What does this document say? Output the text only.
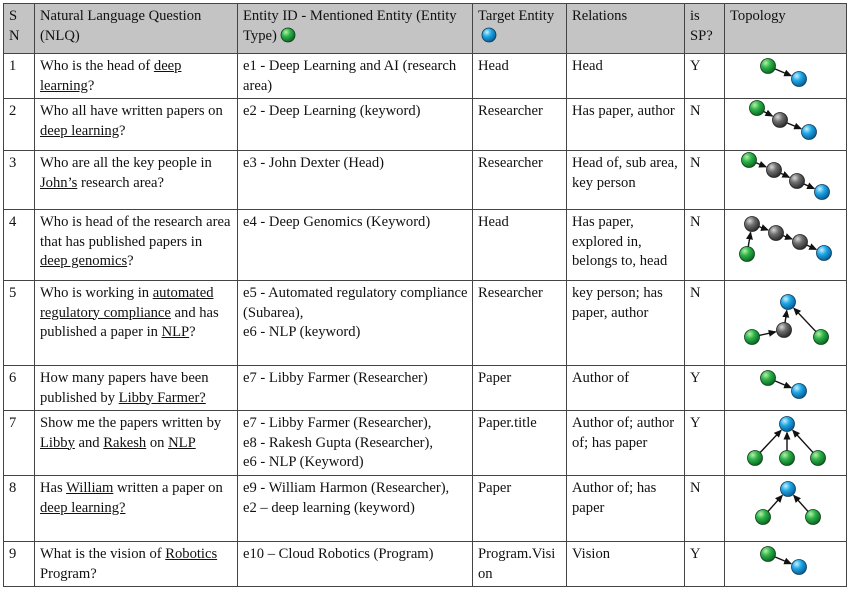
S N	Natural Language Question (NLQ)	Entity ID - Mentioned Entity (Entity Type)	Target Entity	Relations	is SP?	Topology
1	Who is the head of deep learning?	e1 - Deep Learning and AI (research area)	Head	Head	Y	

2	Who all have written papers on deep learning?	e2 - Deep Learning (keyword)	Researcher	Has paper, author	N	

3	Who are all the key people in John’s research area?	e3 - John Dexter (Head)	Researcher	Head of, sub area, key person	N	

4	Who is head of the research area that has published papers in deep genomics?	e4 - Deep Genomics (Keyword)	Head	Has paper, explored in, belongs to, head	N	

5	Who is working in automated regulatory compliance and has published a paper in NLP?	e5 - Automated regulatory compliance (Subarea),
e6 - NLP (keyword)	Researcher	key person; has paper, author	N	

6	How many papers have been published by Libby Farmer?	e7 - Libby Farmer (Researcher)	Paper	Author of	Y	

7	Show me the papers written by Libby and Rakesh on NLP	e7 - Libby Farmer (Researcher),
e8 - Rakesh Gupta (Researcher),
e6 - NLP (Keyword)	Paper.title	Author of; author of; has paper	Y	

8	Has William written a paper on deep learning?	e9 - William Harmon (Researcher),
e2 – deep learning (keyword)	Paper	Author of; has paper	N	

9	What is the vision of Robotics Program?	e10 – Cloud Robotics (Program)	Program.Vision	Vision	Y	
